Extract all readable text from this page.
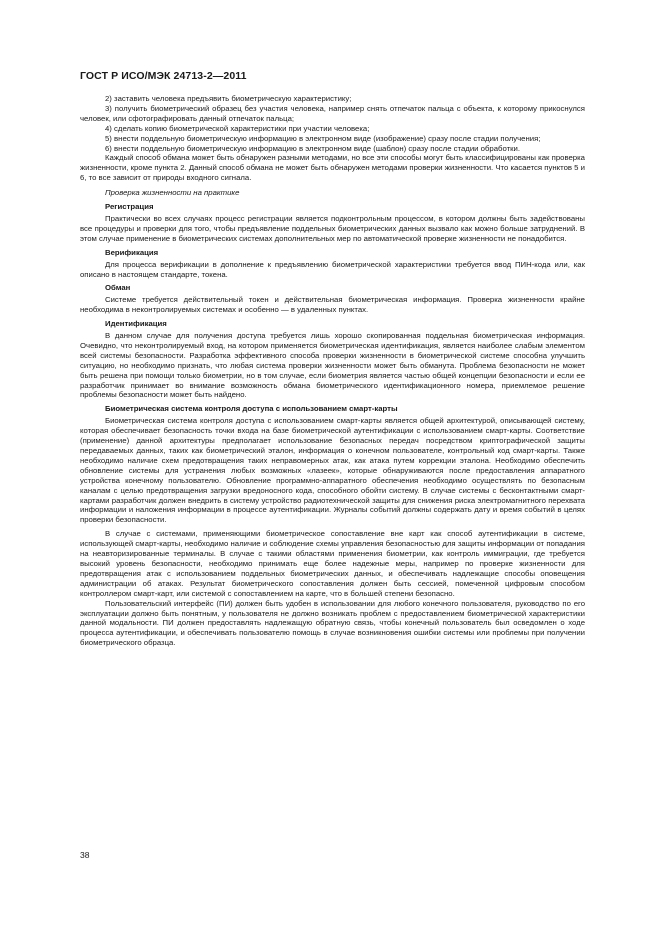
ГОСТ Р ИСО/МЭК 24713-2—2011

2) заставить человека предъявить биометрическую характеристику;

3) получить биометрический образец без участия человека, например снять отпечаток пальца с объекта, к которому прикоснулся человек, или сфотографировать данный отпечаток пальца;

4) сделать копию биометрической характеристики при участии человека;

5) внести поддельную биометрическую информацию в электронном виде (изображение) сразу после стадии получения;

6) внести поддельную биометрическую информацию в электронном виде (шаблон) сразу после стадии обработки.

Каждый способ обмана может быть обнаружен разными методами, но все эти способы могут быть классифицированы как проверка жизненности, кроме пункта 2. Данный способ обмана не может быть обнаружен методами проверки жизненности. Что касается пунктов 5 и 6, то все зависит от природы входного сигнала.

Проверка жизненности на практике

Регистрация

Практически во всех случаях процесс регистрации является подконтрольным процессом, в котором должны быть задействованы все процедуры и проверки для того, чтобы предъявление поддельных биометрических данных вызвало как можно больше затруднений. В этом случае применение в биометрических системах дополнительных мер по автоматической проверке жизненности не понадобится.

Верификация

Для процесса верификации в дополнение к предъявлению биометрической характеристики требуется ввод ПИН-кода или, как описано в настоящем стандарте, токена.

Обман

Системе требуется действительный токен и действительная биометрическая информация. Проверка жизненности крайне необходима в неконтролируемых системах и особенно — в удаленных пунктах.

Идентификация

В данном случае для получения доступа требуется лишь хорошо скопированная поддельная биометрическая информация. Очевидно, что неконтролируемый вход, на котором применяется биометрическая идентификация, является наиболее слабым элементом всей системы безопасности. Разработка эффективного способа проверки жизненности в биометрической системе способна улучшить ситуацию, но необходимо признать, что любая система проверки жизненности может быть обманута. Проблема безопасности не может быть решена при помощи только биометрии, но в том случае, если биометрия является частью общей концепции безопасности и если ее разработчик принимает во внимание возможность обмана биометрического идентификационного номера, приемлемое решение проблемы безопасности может быть найдено.

Биометрическая система контроля доступа с использованием смарт-карты

Биометрическая система контроля доступа с использованием смарт-карты является общей архитектурой, описывающей систему, которая обеспечивает безопасность точки входа на базе биометрической аутентификации с использованием смарт-карты. Соответствие (применение) данной архитектуры предполагает использование безопасных передач посредством криптографической защиты передаваемых данных, таких как биометрический эталон, информация о конечном пользователе, контрольный код смарт-карты. Также необходимо наличие схем предотвращения таких неправомерных атак, как атака путем коррекции эталона. Необходимо обеспечить обновление системы для устранения любых возможных «лазеек», которые обнаруживаются после предоставления аппаратного устройства конечному пользователю. Обновление программно-аппаратного обеспечения необходимо осуществлять по безопасным каналам с целью предотвращения загрузки вредоносного кода, способного обойти систему. В случае системы с бесконтактными смарт-картами разработчик должен внедрить в систему устройство радиотехнической защиты для снижения риска электромагнитного перехвата информации и наложения информации в процессе аутентификации. Журналы событий должны содержать дату и время событий в целях проверки безопасности.

В случае с системами, применяющими биометрическое сопоставление вне карт как способ аутентификации в системе, использующей смарт-карты, необходимо наличие и соблюдение схемы управления безопасностью для защиты информации от попадания на неавторизированные терминалы. В случае с такими областями применения биометрии, как контроль иммиграции, где требуется высокий уровень безопасности, необходимо принимать еще более надежные меры, например по проверке жизненности для предотвращения атак с использованием поддельных биометрических данных, и обеспечивать надлежащие способы оповещения администрации об атаках. Результат биометрического сопоставления должен быть сессией, помеченной цифровым способом контроллером смарт-карт, или системой с сопоставлением на карте, что в большей степени безопасно.

Пользовательский интерфейс (ПИ) должен быть удобен в использовании для любого конечного пользователя, руководство по его эксплуатации должно быть понятным, у пользователя не должно возникать проблем с предоставлением биометрической характеристики данной модальности. ПИ должен предоставлять надлежащую обратную связь, чтобы конечный пользователь был осведомлен о ходе процесса аутентификации, и обеспечивать пользователю помощь в случае возникновения ошибки системы или проблемы при получении биометрического образца.

38
